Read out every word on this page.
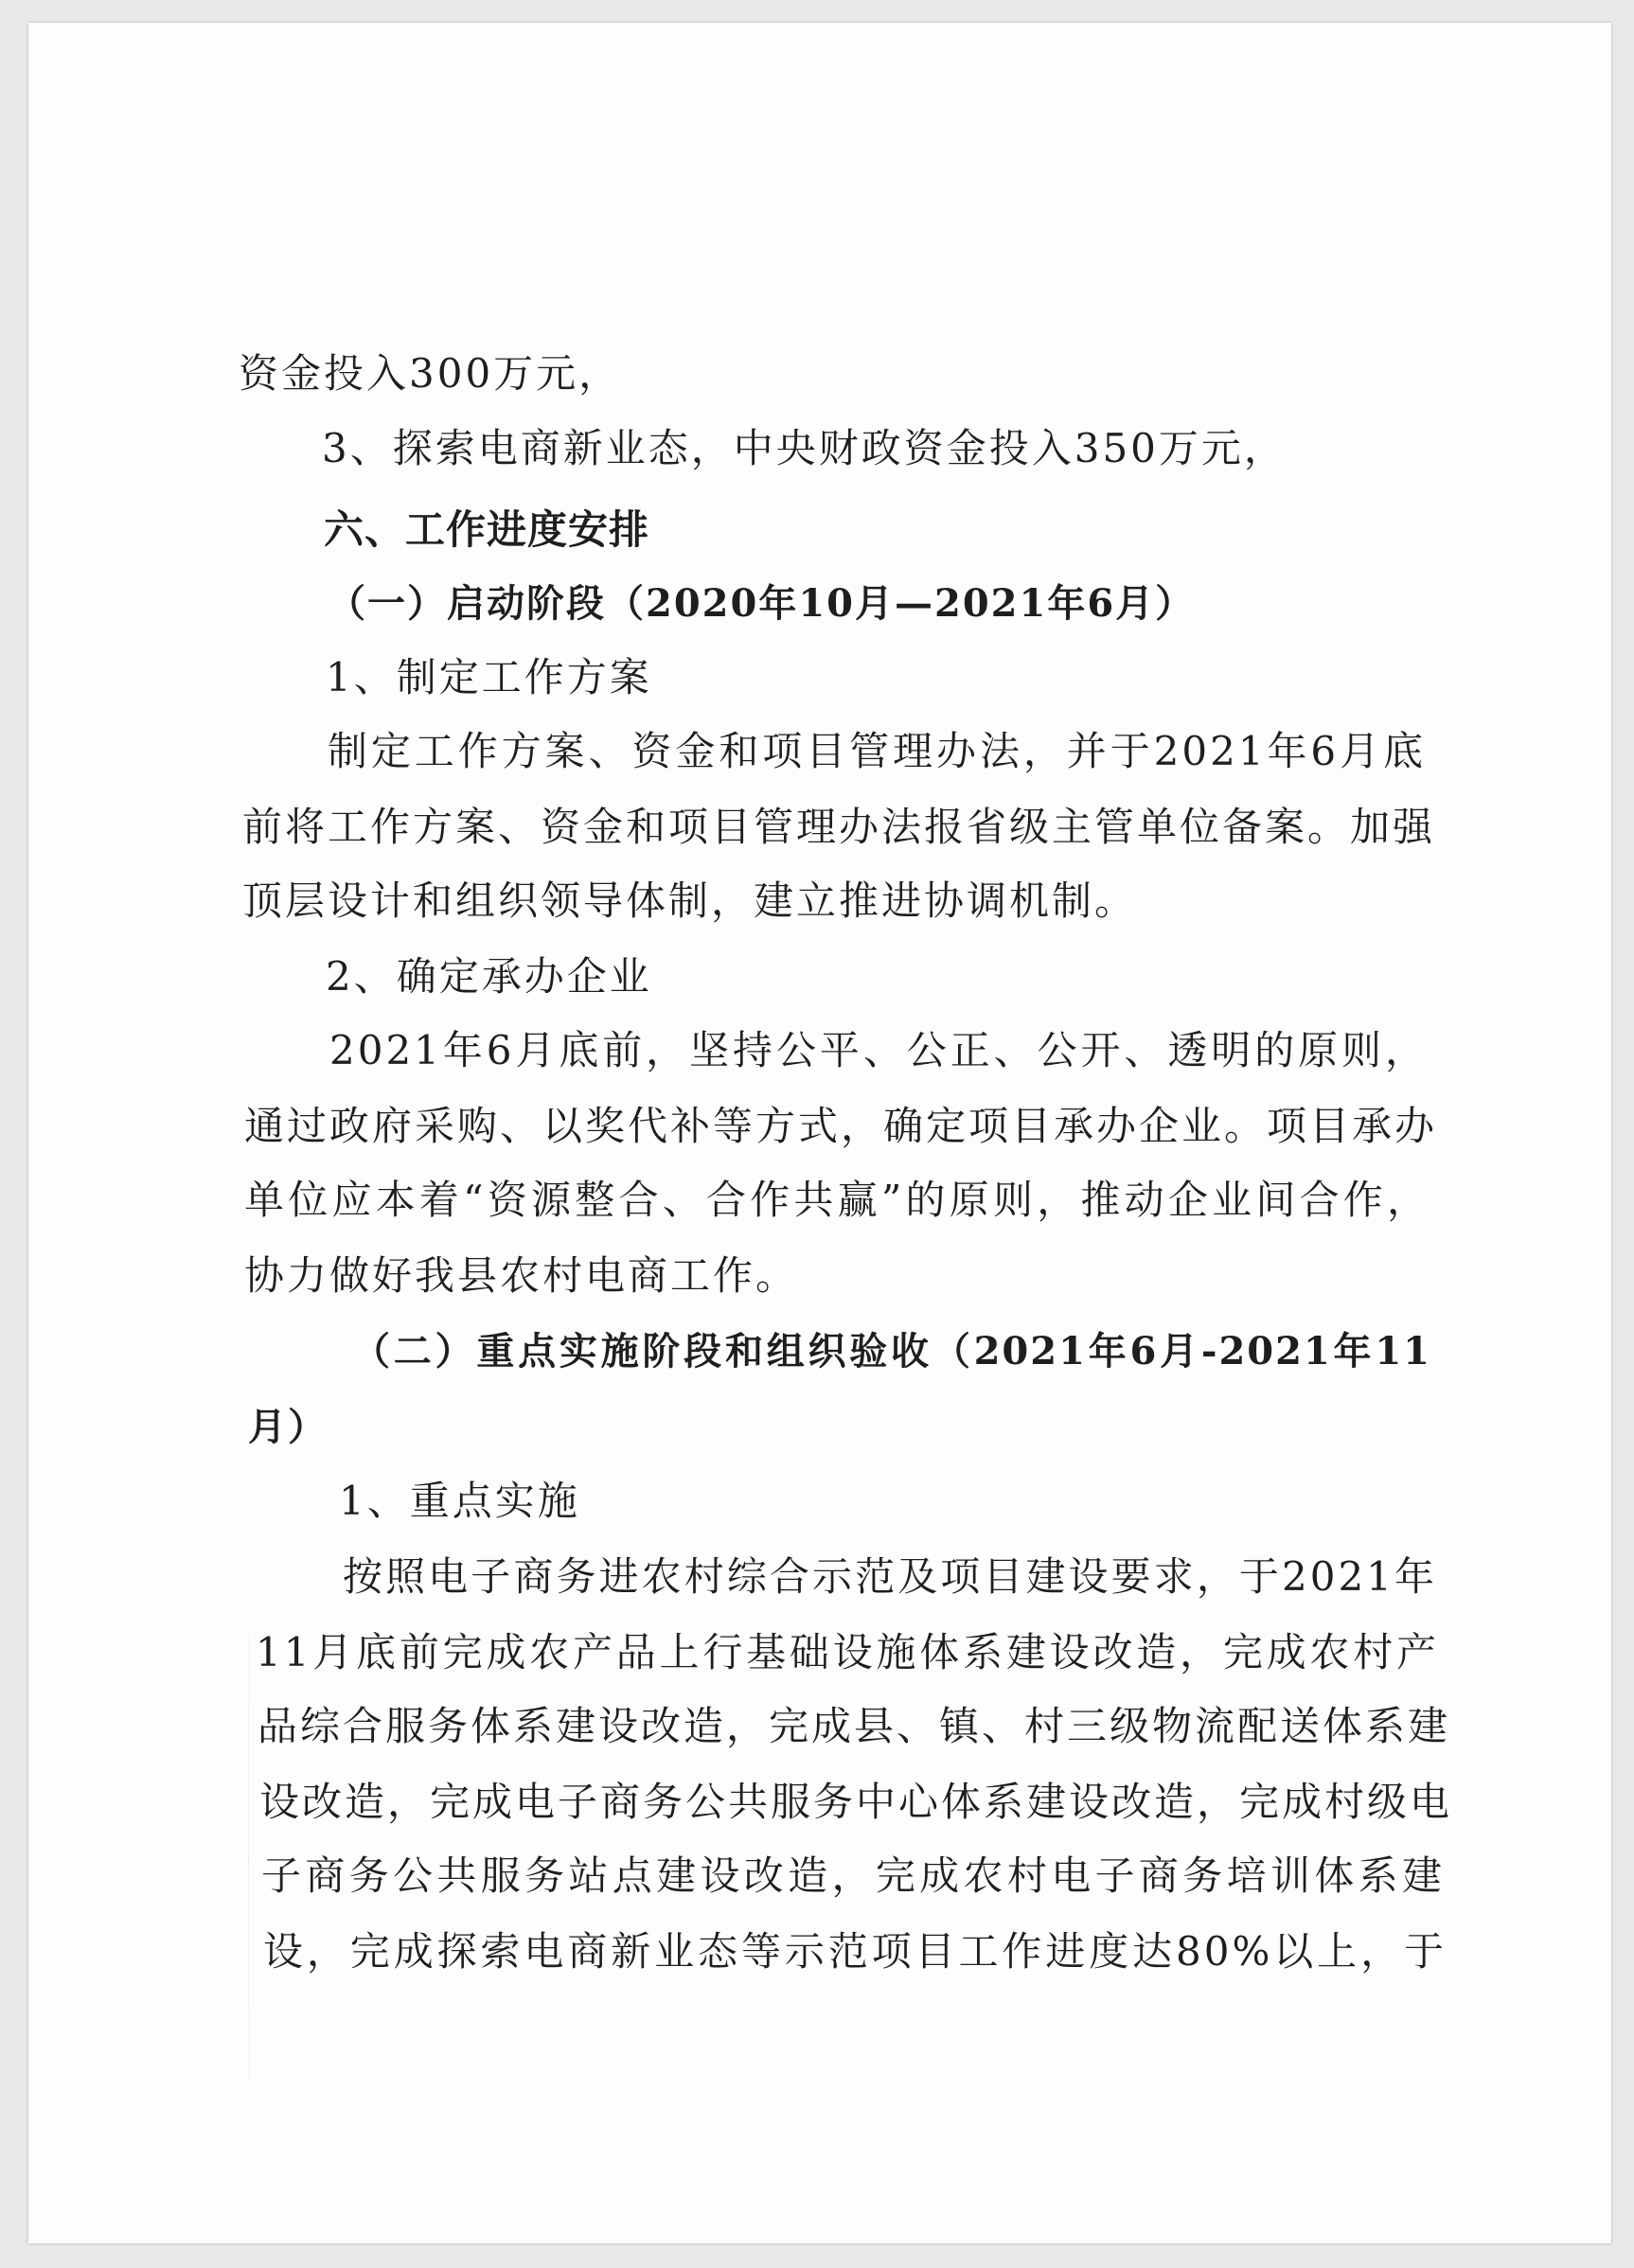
资金投入300万元，
3、探索电商新业态，中央财政资金投入350万元，
六、工作进度安排
（一）启动阶段（2020年10月—2021年6月）
1、制定工作方案
制定工作方案、资金和项目管理办法，并于2021年6月底
前将工作方案、资金和项目管理办法报省级主管单位备案。加强
顶层设计和组织领导体制，建立推进协调机制。
2、确定承办企业
2021年6月底前，坚持公平、公正、公开、透明的原则，
通过政府采购、以奖代补等方式，确定项目承办企业。项目承办
单位应本着“资源整合、合作共赢”的原则，推动企业间合作，
协力做好我县农村电商工作。
（二）重点实施阶段和组织验收（2021年6月-2021年11
月）
1、重点实施
按照电子商务进农村综合示范及项目建设要求，于2021年
11月底前完成农产品上行基础设施体系建设改造，完成农村产
品综合服务体系建设改造，完成县、镇、村三级物流配送体系建
设改造，完成电子商务公共服务中心体系建设改造，完成村级电
子商务公共服务站点建设改造，完成农村电子商务培训体系建
设，完成探索电商新业态等示范项目工作进度达80%以上，于
